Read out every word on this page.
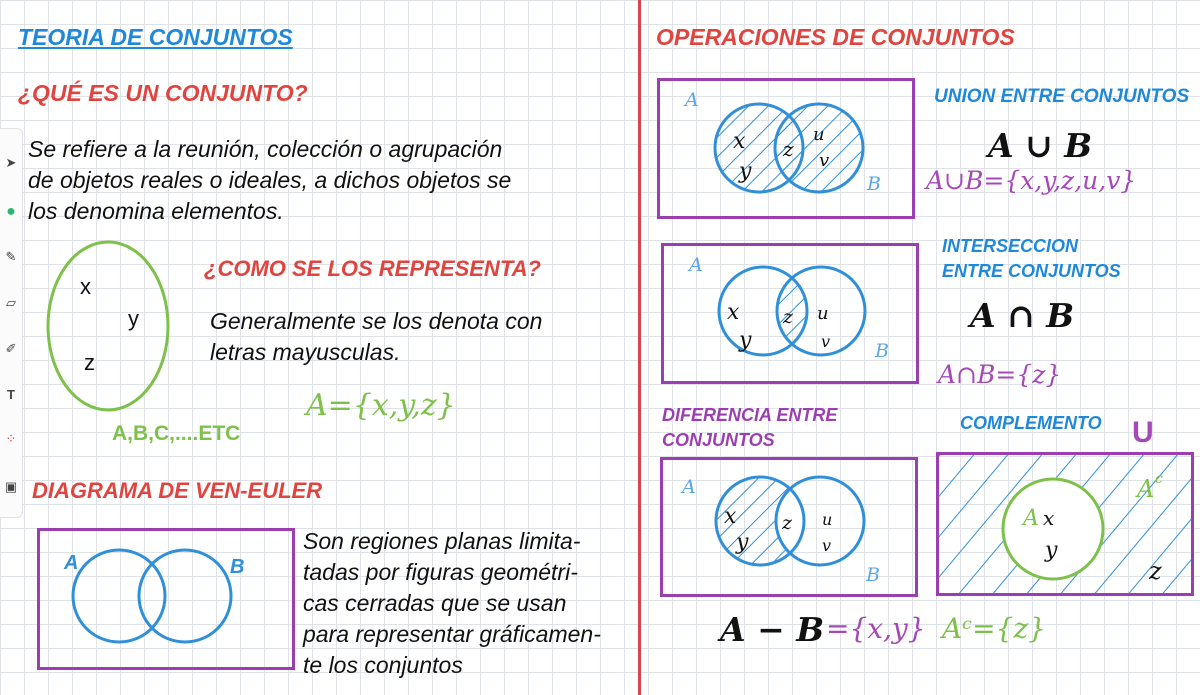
➤
●
✎
▱
✐
T
⁘
▣
TEORIA DE CONJUNTOS
¿QUÉ ES UN CONJUNTO?
Se refiere a la reunión, colección o agrupación
de objetos reales o ideales, a dichos objetos se
los denomina elementos.
x
y
z
¿COMO SE LOS REPRESENTA?
Generalmente se los denota con
letras mayusculas.
A={x,y,z}
A,B,C,....ETC
DIAGRAMA DE VEN-EULER
A	B
Son regiones planas limita-
tadas por figuras geométri-
cas cerradas que se usan
para representar gráficamen-
te los conjuntos
OPERACIONES DE CONJUNTOS
A
B
x
y
z
u
v
UNION ENTRE CONJUNTOS
A ∪ B
A∪B={x,y,z,u,v}
A
B
x
y
z u
v
INTERSECCION
ENTRE CONJUNTOS
A ∩ B
A∩B={z}
DIFERENCIA ENTRE
CONJUNTOS
A
B
x
y
z u
v
A − B ={x,y}
COMPLEMENTO U
A x
y
z
A c
Aᶜ={z}
